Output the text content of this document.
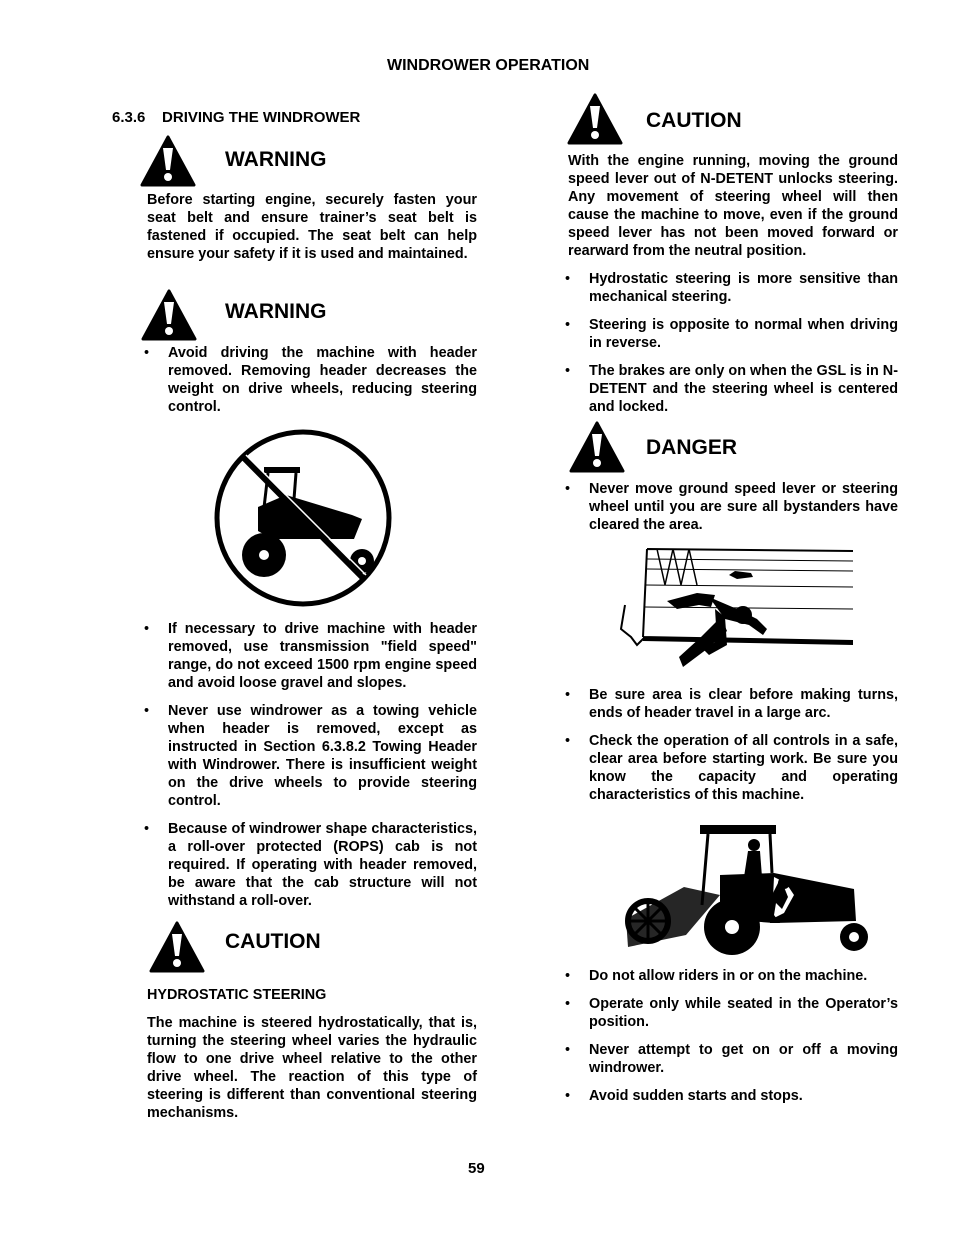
WINDROWER OPERATION
6.3.6    DRIVING THE WINDROWER
WARNING
Before starting engine, securely fasten your seat belt and ensure trainer’s seat belt is fastened if occupied. The seat belt can help ensure your safety if it is used and maintained.
WARNING
• Avoid driving the machine with header removed. Removing header decreases the weight on drive wheels, reducing steering control.
• If necessary to drive machine with header removed, use transmission "field speed" range, do not exceed 1500 rpm engine speed and avoid loose gravel and slopes.
• Never use windrower as a towing vehicle when header is removed, except as instructed in Section 6.3.8.2 Towing Header with Windrower. There is insufficient weight on the drive wheels to provide steering control.
• Because of windrower shape characteristics, a roll-over protected (ROPS) cab is not required. If operating with header removed, be aware that the cab structure will not withstand a roll-over.
CAUTION
HYDROSTATIC STEERING
The machine is steered hydrostatically, that is, turning the steering wheel varies the hydraulic flow to one drive wheel relative to the other drive wheel. The reaction of this type of steering is different than conventional steering mechanisms.
CAUTION
With the engine running, moving the ground speed lever out of N-DETENT unlocks steering. Any movement of steering wheel will then cause the machine to move, even if the ground speed lever has not been moved forward or rearward from the neutral position.
• Hydrostatic steering is more sensitive than mechanical steering.
• Steering is opposite to normal when driving in reverse.
• The brakes are only on when the GSL is in N-DETENT and the steering wheel is centered and locked.
DANGER
• Never move ground speed lever or steering wheel until you are sure all bystanders have cleared the area.
• Be sure area is clear before making turns, ends of header travel in a large arc.
• Check the operation of all controls in a safe, clear area before starting work. Be sure you know the capacity and operating characteristics of this machine.
• Do not allow riders in or on the machine.
• Operate only while seated in the Operator’s position.
• Never attempt to get on or off a moving windrower.
• Avoid sudden starts and stops.
59
